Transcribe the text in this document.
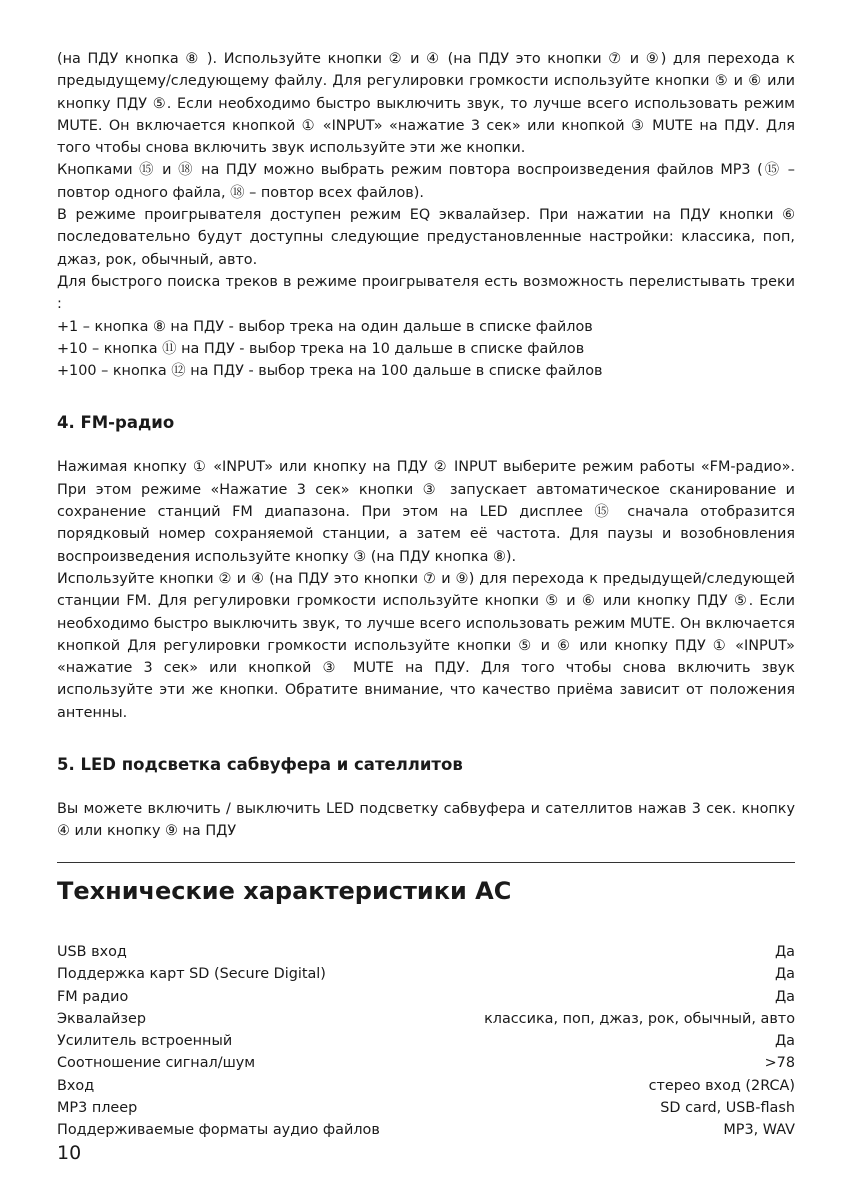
(на ПДУ кнопка ⑧ ). Используйте кнопки ② и ④ (на ПДУ это кнопки ⑦ и ⑨) для перехода к предыдущему/следующему файлу. Для регулировки громкости используйте кнопки ⑤ и ⑥ или кнопку ПДУ ⑤. Если необходимо быстро выключить звук, то лучше всего использовать режим MUTE. Он включается кнопкой ① «INPUT» «нажатие 3 сек» или кнопкой ③ MUTE на ПДУ. Для того чтобы снова включить звук используйте эти же кнопки.

Кнопками ⑮ и ⑱ на ПДУ можно выбрать режим повтора воспроизведения файлов MP3 (⑮ – повтор одного файла, ⑱ – повтор всех файлов).

В режиме проигрывателя доступен режим EQ эквалайзер. При нажатии на ПДУ кнопки ⑥ последовательно будут доступны следующие предустановленные настройки: классика, поп, джаз, рок, обычный, авто.

Для быстрого поиска треков в режиме проигрывателя есть возможность перелистывать треки :

+1 – кнопка ⑧ на ПДУ - выбор трека на один дальше в списке файлов

+10 – кнопка ⑪ на ПДУ - выбор трека на 10 дальше в списке файлов

+100 – кнопка ⑫ на ПДУ - выбор трека на 100 дальше в списке файлов

4. FM-радио

Нажимая кнопку ① «INPUT» или кнопку на ПДУ ② INPUT выберите режим работы «FM-радио». При этом режиме «Нажатие 3 сек» кнопки ③ запускает автоматическое сканирование и сохранение станций FM диапазона. При этом на LED дисплее ⑮ сначала отобразится порядковый номер сохраняемой станции, а затем её частота. Для паузы и возобновления воспроизведения используйте кнопку ③ (на ПДУ кнопка ⑧).

Используйте кнопки ② и ④ (на ПДУ это кнопки ⑦ и ⑨) для перехода к предыдущей/следующей станции FM. Для регулировки громкости используйте кнопки ⑤ и ⑥ или кнопку ПДУ ⑤. Если необходимо быстро выключить звук, то лучше всего использовать режим MUTE. Он включается кнопкой Для регулировки громкости используйте кнопки ⑤ и ⑥ или кнопку ПДУ ① «INPUT» «нажатие 3 сек» или кнопкой ③ MUTE на ПДУ. Для того чтобы снова включить звук используйте эти же кнопки. Обратите внимание, что качество приёма зависит от положения антенны.

5. LED подсветка сабвуфера и сателлитов

Вы можете включить / выключить LED подсветку сабвуфера и сателлитов нажав 3 сек. кнопку ④ или кнопку ⑨ на ПДУ

Технические характеристики АС
USB вход	Да
Поддержка карт SD (Secure Digital)	Да
FM радио	Да
Эквалайзер	классика, поп, джаз, рок, обычный, авто
Усилитель встроенный	Да
Соотношение сигнал/шум	>78
Вход	стерео вход (2RCA)
MP3 плеер	SD card, USB-flash
Поддерживаемые форматы аудио файлов	MP3, WAV
10
